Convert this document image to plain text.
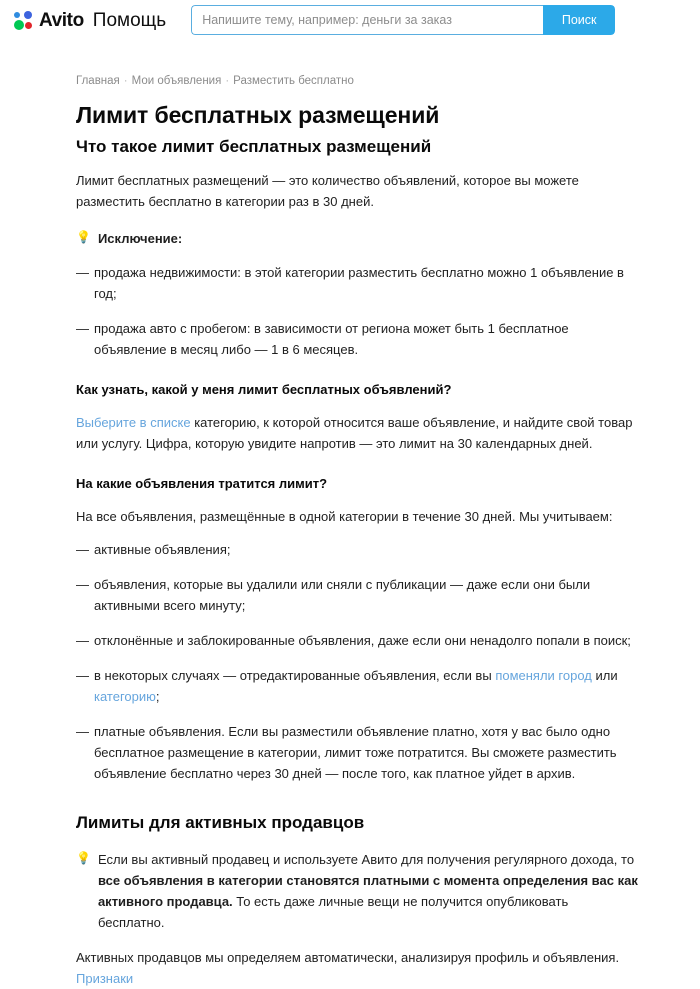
Avito Помощь
Напишите тему, например: деньги за заказ	Поиск
Главная · Мои объявления · Разместить бесплатно
Лимит бесплатных размещений
Что такое лимит бесплатных размещений

Лимит бесплатных размещений — это количество объявлений, которое вы можете разместить бесплатно в категории раз в 30 дней.

💡 Исключение:
— продажа недвижимости: в этой категории разместить бесплатно можно 1 объявление в год;
— продажа авто с пробегом: в зависимости от региона может быть 1 бесплатное объявление в месяц либо — 1 в 6 месяцев.
Как узнать, какой у меня лимит бесплатных объявлений?

Выберите в списке категорию, к которой относится ваше объявление, и найдите свой товар или услугу. Цифра, которую увидите напротив — это лимит на 30 календарных дней.

На какие объявления тратится лимит?

На все объявления, размещённые в одной категории в течение 30 дней. Мы учитываем:

— активные объявления;
— объявления, которые вы удалили или сняли с публикации — даже если они были активными всего минуту;
— отклонённые и заблокированные объявления, даже если они ненадолго попали в поиск;
— в некоторых случаях — отредактированные объявления, если вы поменяли город или категорию;
— платные объявления. Если вы разместили объявление платно, хотя у вас было одно бесплатное размещение в категории, лимит тоже потратится. Вы сможете разместить объявление бесплатно через 30 дней — после того, как платное уйдет в архив.
Лимиты для активных продавцов
💡 Если вы активный продавец и используете Авито для получения регулярного дохода, то все объявления в категории становятся платными с момента определения вас как активного продавца. То есть даже личные вещи не получится опубликовать бесплатно.

Активных продавцов мы определяем автоматически, анализируя профиль и объявления. Признаки
